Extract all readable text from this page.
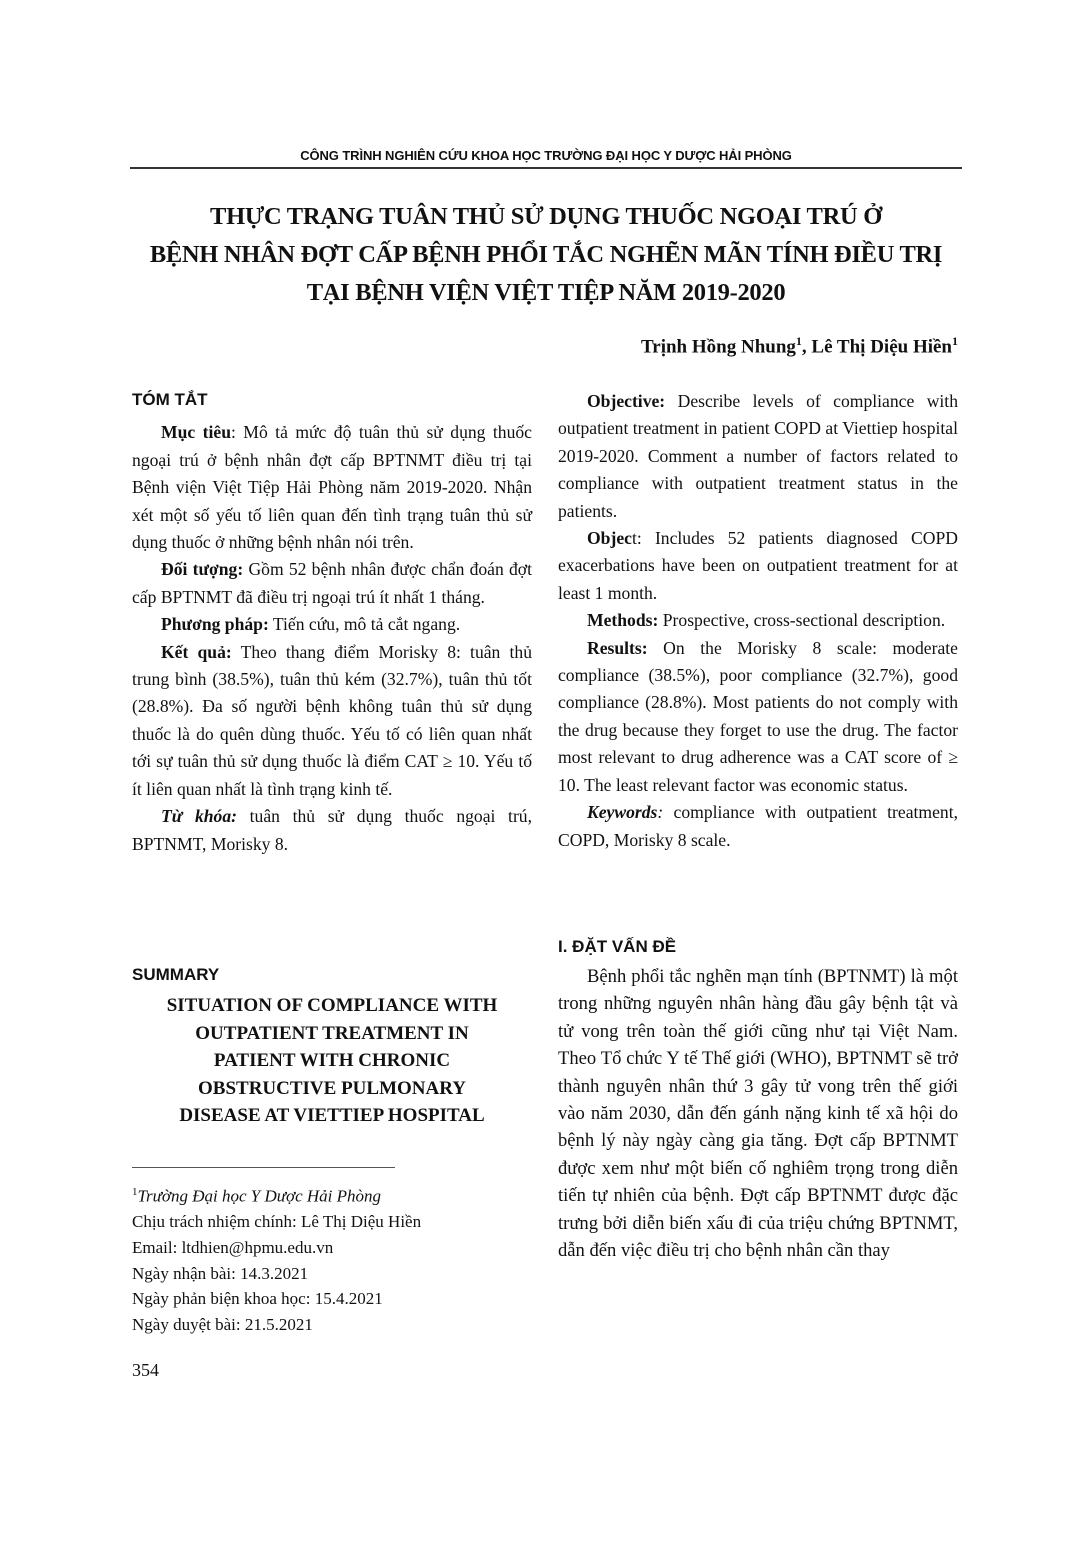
CÔNG TRÌNH NGHIÊN CỨU KHOA HỌC TRƯỜNG ĐẠI HỌC Y DƯỢC HẢI PHÒNG
THỰC TRẠNG TUÂN THỦ SỬ DỤNG THUỐC NGOẠI TRÚ Ở
BỆNH NHÂN ĐỢT CẤP BỆNH PHỔI TẮC NGHẼN MÃN TÍNH ĐIỀU TRỊ
TẠI BỆNH VIỆN VIỆT TIỆP NĂM 2019-2020
Trịnh Hồng Nhung$^1$, Lê Thị Diệu Hiền$^1$
TÓM TẮT

Mục tiêu: Mô tả mức độ tuân thủ sử dụng thuốc ngoại trú ở bệnh nhân đợt cấp BPTNMT điều trị tại Bệnh viện Việt Tiệp Hải Phòng năm 2019-2020. Nhận xét một số yếu tố liên quan đến tình trạng tuân thủ sử dụng thuốc ở những bệnh nhân nói trên.

Đối tượng: Gồm 52 bệnh nhân được chẩn đoán đợt cấp BPTNMT đã điều trị ngoại trú ít nhất 1 tháng.

Phương pháp: Tiến cứu, mô tả cắt ngang.

Kết quả: Theo thang điểm Morisky 8: tuân thủ trung bình (38.5%), tuân thủ kém (32.7%), tuân thủ tốt (28.8%). Đa số người bệnh không tuân thủ sử dụng thuốc là do quên dùng thuốc. Yếu tố có liên quan nhất tới sự tuân thủ sử dụng thuốc là điểm CAT ≥ 10. Yếu tố ít liên quan nhất là tình trạng kinh tế.

Từ khóa: tuân thủ sử dụng thuốc ngoại trú, BPTNMT, Morisky 8.

SUMMARY
SITUATION OF COMPLIANCE WITH
OUTPATIENT TREATMENT IN
PATIENT WITH CHRONIC
OBSTRUCTIVE PULMONARY
DISEASE AT VIETTIEP HOSPITAL
$^1$Trường Đại học Y Dược Hải Phòng
Chịu trách nhiệm chính: Lê Thị Diệu Hiền
Email: ltdhien@hpmu.edu.vn
Ngày nhận bài: 14.3.2021
Ngày phản biện khoa học: 15.4.2021
Ngày duyệt bài: 21.5.2021
354

Objective: Describe levels of compliance with outpatient treatment in patient COPD at Viettiep hospital 2019-2020. Comment a number of factors related to compliance with outpatient treatment status in the patients.

Object: Includes 52 patients diagnosed COPD exacerbations have been on outpatient treatment for at least 1 month.

Methods: Prospective, cross-sectional description.

Results: On the Morisky 8 scale: moderate compliance (38.5%), poor compliance (32.7%), good compliance (28.8%). Most patients do not comply with the drug because they forget to use the drug. The factor most relevant to drug adherence was a CAT score of ≥ 10. The least relevant factor was economic status.

Keywords: compliance with outpatient treatment, COPD, Morisky 8 scale.

I. ĐẶT VẤN ĐỀ

Bệnh phổi tắc nghẽn mạn tính (BPTNMT) là một trong những nguyên nhân hàng đầu gây bệnh tật và tử vong trên toàn thế giới cũng như tại Việt Nam. Theo Tổ chức Y tế Thế giới (WHO), BPTNMT sẽ trở thành nguyên nhân thứ 3 gây tử vong trên thế giới vào năm 2030, dẫn đến gánh nặng kinh tế xã hội do bệnh lý này ngày càng gia tăng. Đợt cấp BPTNMT được xem như một biến cố nghiêm trọng trong diễn tiến tự nhiên của bệnh. Đợt cấp BPTNMT được đặc trưng bởi diễn biến xấu đi của triệu chứng BPTNMT, dẫn đến việc điều trị cho bệnh nhân cần thay
